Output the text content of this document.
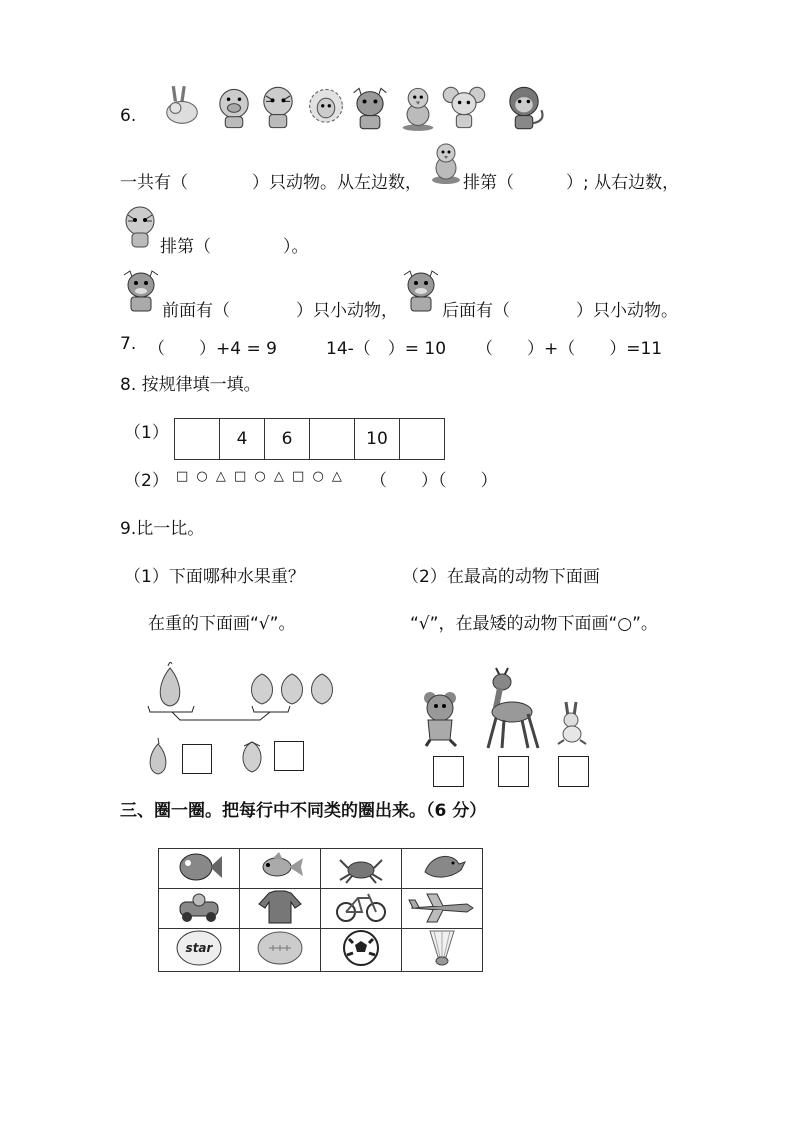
6.
一共有（	）只动物。从左边数， 排第（	）; 从右边数，
排第（	）。
前面有（	）只小动物，	后面有（	）只小动物。
7. （　　）+4 = 9	14-（　）= 10 （　　）+（　　）=11
8. 按规律填一填。
（1）
		4	6		10	
（2） □ ○ △ □ ○ △ □ ○ △ （　　）（　　）
9.比一比。
（1）下面哪种水果重？
在重的下面画“√”。
（2）在最高的动物下面画
“√”，在最矮的动物下面画“○”。
三、圈一圈。把每行中不同类的圈出来。（6 分）

star
